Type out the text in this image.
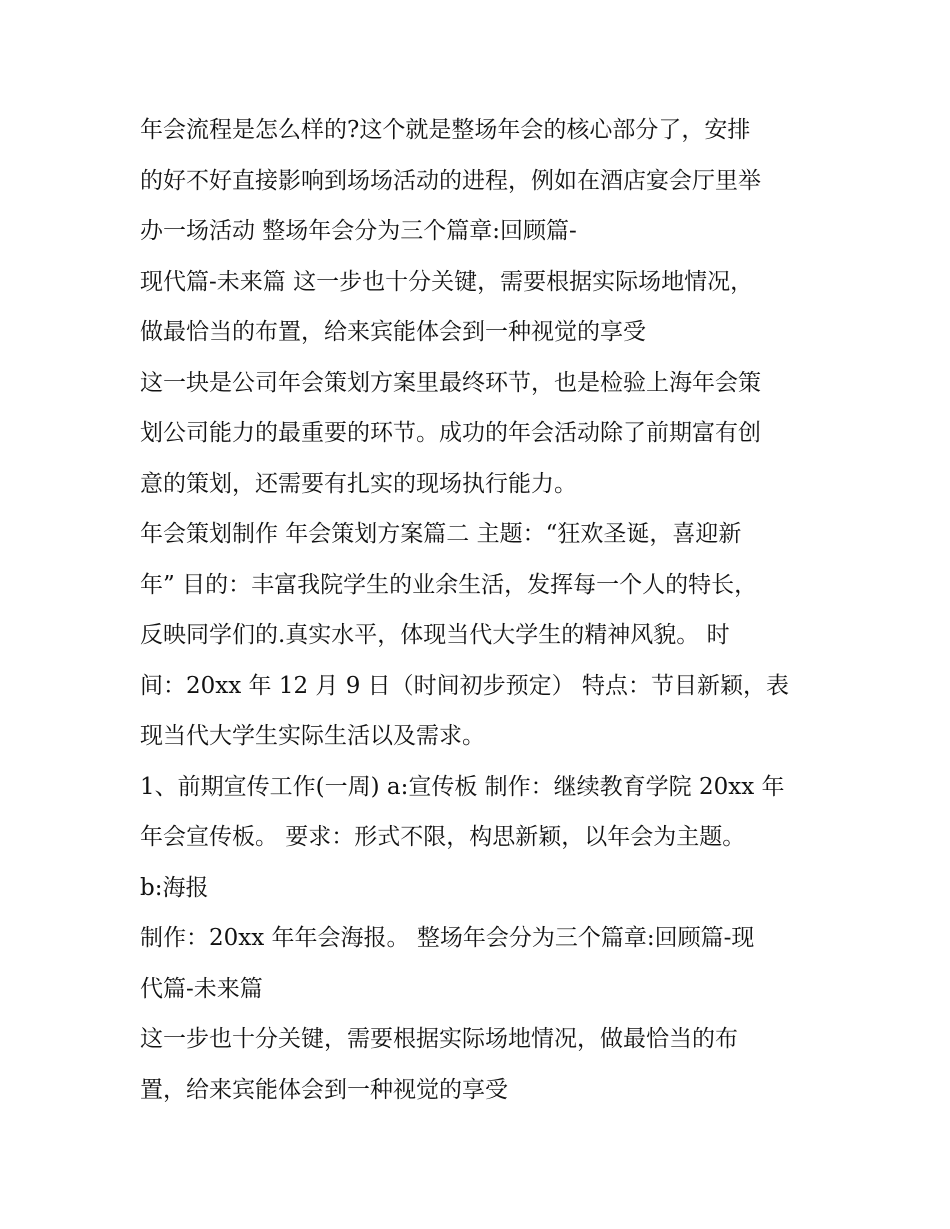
年会流程是怎么样的?这个就是整场年会的核心部分了，安排

的好不好直接影响到场场活动的进程，例如在酒店宴会厅里举

办一场活动 整场年会分为三个篇章:回顾篇-

现代篇-未来篇 这一步也十分关键，需要根据实际场地情况，

做最恰当的布置，给来宾能体会到一种视觉的享受

这一块是公司年会策划方案里最终环节，也是检验上海年会策

划公司能力的最重要的环节。成功的年会活动除了前期富有创

意的策划，还需要有扎实的现场执行能力。

年会策划制作 年会策划方案篇二 主题：“狂欢圣诞，喜迎新

年” 目的：丰富我院学生的业余生活，发挥每一个人的特长，

反映同学们的.真实水平，体现当代大学生的精神风貌。 时

间：20xx 年 12 月 9 日（时间初步预定） 特点：节目新颖，表

现当代大学生实际生活以及需求。

1、前期宣传工作(一周) a:宣传板 制作：继续教育学院 20xx 年

年会宣传板。 要求：形式不限，构思新颖，以年会为主题。

b:海报

制作：20xx 年年会海报。 整场年会分为三个篇章:回顾篇-现

代篇-未来篇

这一步也十分关键，需要根据实际场地情况，做最恰当的布

置，给来宾能体会到一种视觉的享受
